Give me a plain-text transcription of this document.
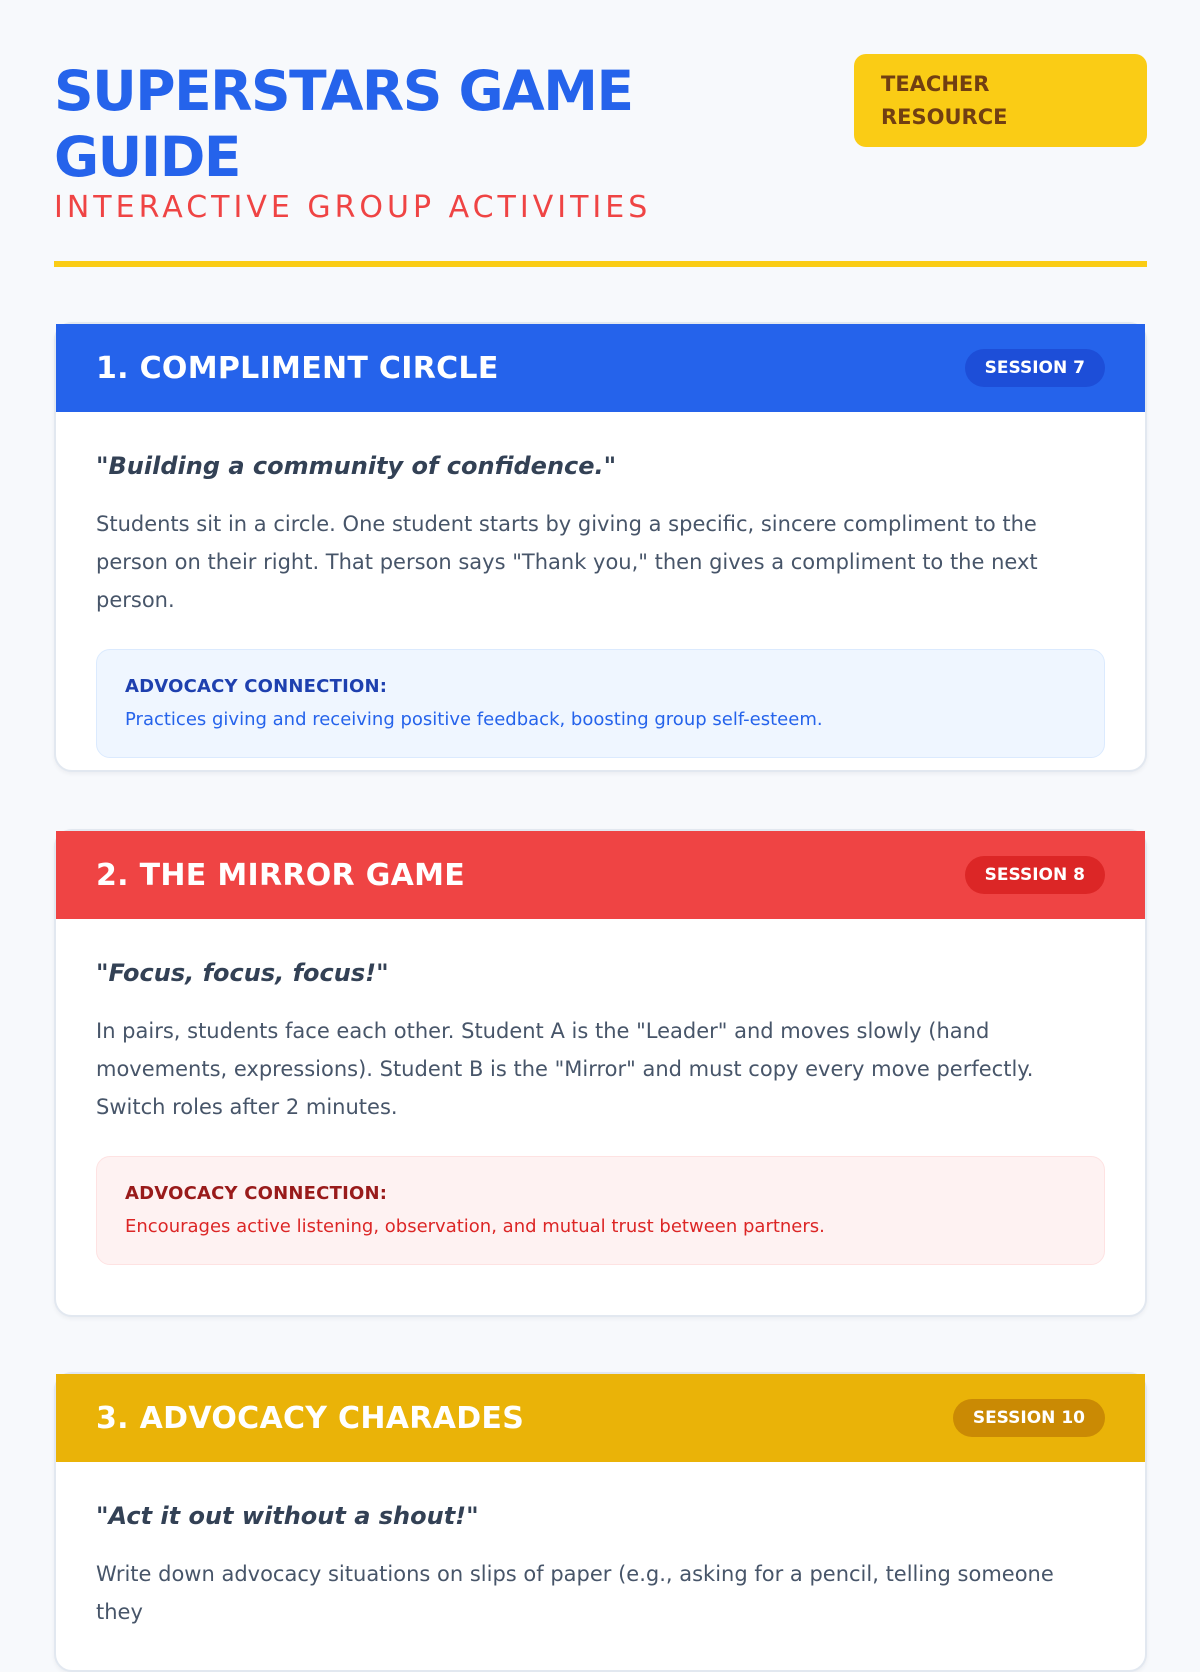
SUPERSTARS GAME GUIDE
INTERACTIVE GROUP ACTIVITIES
TEACHER RESOURCE
1. COMPLIMENT CIRCLE	SESSION 7
"Building a community of confidence."
Students sit in a circle. One student starts by giving a specific, sincere compliment to the person on their right. That person says "Thank you," then gives a compliment to the next person.
ADVOCACY CONNECTION:
Practices giving and receiving positive feedback, boosting group self-esteem.
2. THE MIRROR GAME	SESSION 8
"Focus, focus, focus!"
In pairs, students face each other. Student A is the "Leader" and moves slowly (hand movements, expressions). Student B is the "Mirror" and must copy every move perfectly. Switch roles after 2 minutes.
ADVOCACY CONNECTION:
Encourages active listening, observation, and mutual trust between partners.
3. ADVOCACY CHARADES	SESSION 10
"Act it out without a shout!"
Write down advocacy situations on slips of paper (e.g., asking for a pencil, telling someone they
